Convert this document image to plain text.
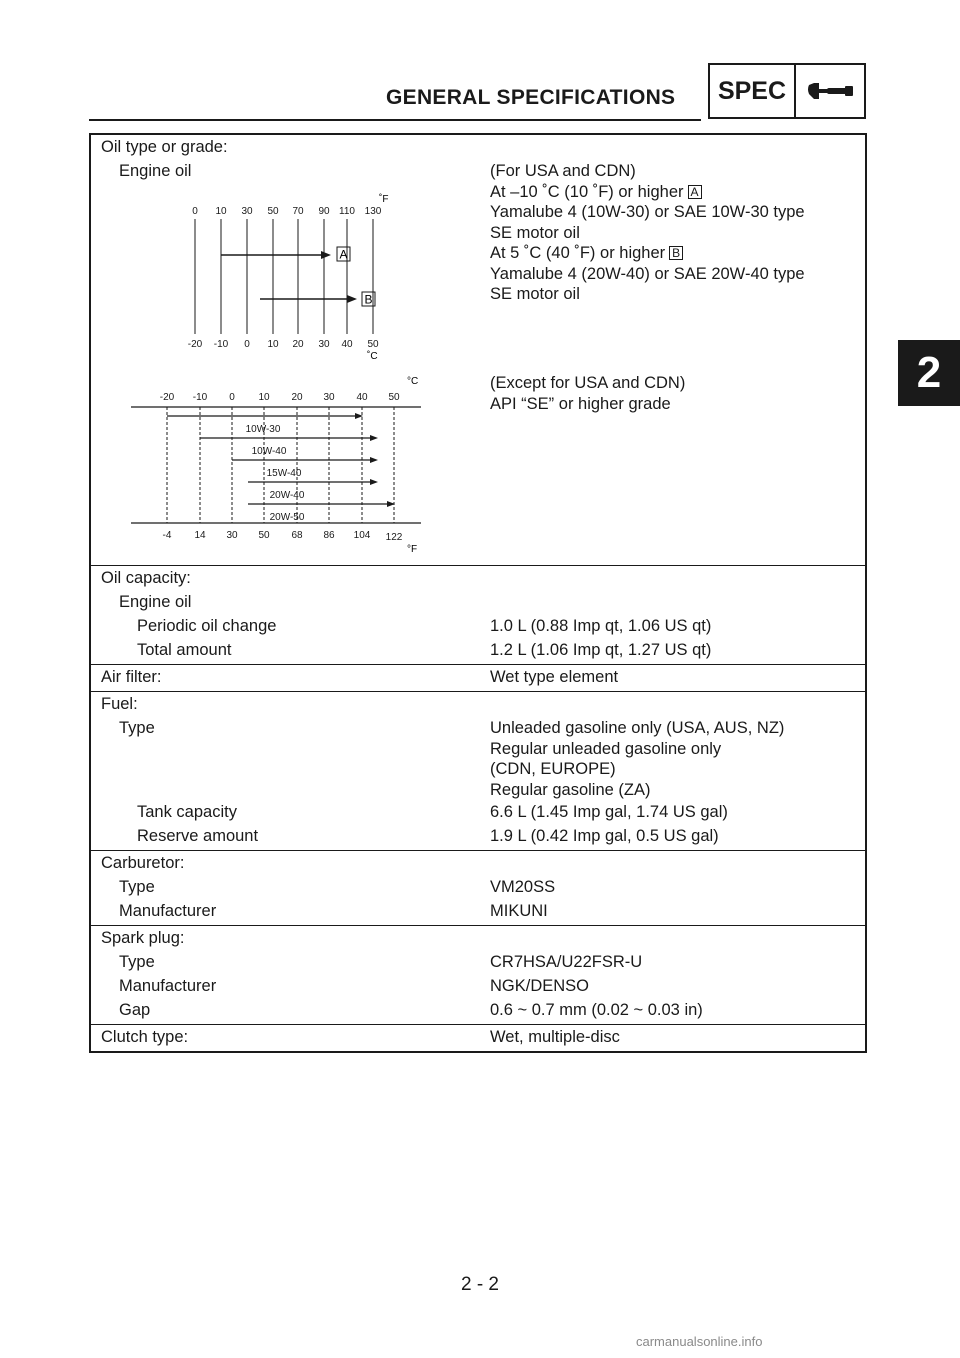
GENERAL SPECIFICATIONS	SPEC
2
Oil type or grade:
Engine oil	(For USA and CDN)
At –10 ˚C (10 ˚F) or higher A
Yamalube 4 (10W-30) or SAE 10W-30 type
SE motor oil
At 5 ˚C (40 ˚F) or higher B
Yamalube 4 (20W-40) or SAE 20W-40 type
SE motor oil
(Except for USA and CDN)
API “SE” or higher grade
A
B
˚F
0 10 30 50 70 90 110 130
-20 -10 0 10 20 30 40 50
˚C
°C
-20 -10 0 10 20 30 40 50
10W-30
10W-40
15W-40
20W-40
20W-50
-4 14 30 50 68 86 104 122
°F
Oil capacity:
Engine oil
Periodic oil change	1.0 L (0.88 Imp qt, 1.06 US qt)
Total amount	1.2 L (1.06 Imp qt, 1.27 US qt)
Air filter:	Wet type element
Fuel:
Type	Unleaded gasoline only (USA, AUS, NZ)
Regular unleaded gasoline only
(CDN, EUROPE)
Regular gasoline (ZA)
Tank capacity	6.6 L (1.45 Imp gal, 1.74 US gal)
Reserve amount	1.9 L (0.42 Imp gal, 0.5 US gal)
Carburetor:
Type	VM20SS
Manufacturer	MIKUNI
Spark plug:
Type	CR7HSA/U22FSR-U
Manufacturer	NGK/DENSO
Gap	0.6 ~ 0.7 mm (0.02 ~ 0.03 in)
Clutch type:	Wet, multiple-disc
2 - 2
carmanualsonline.info
